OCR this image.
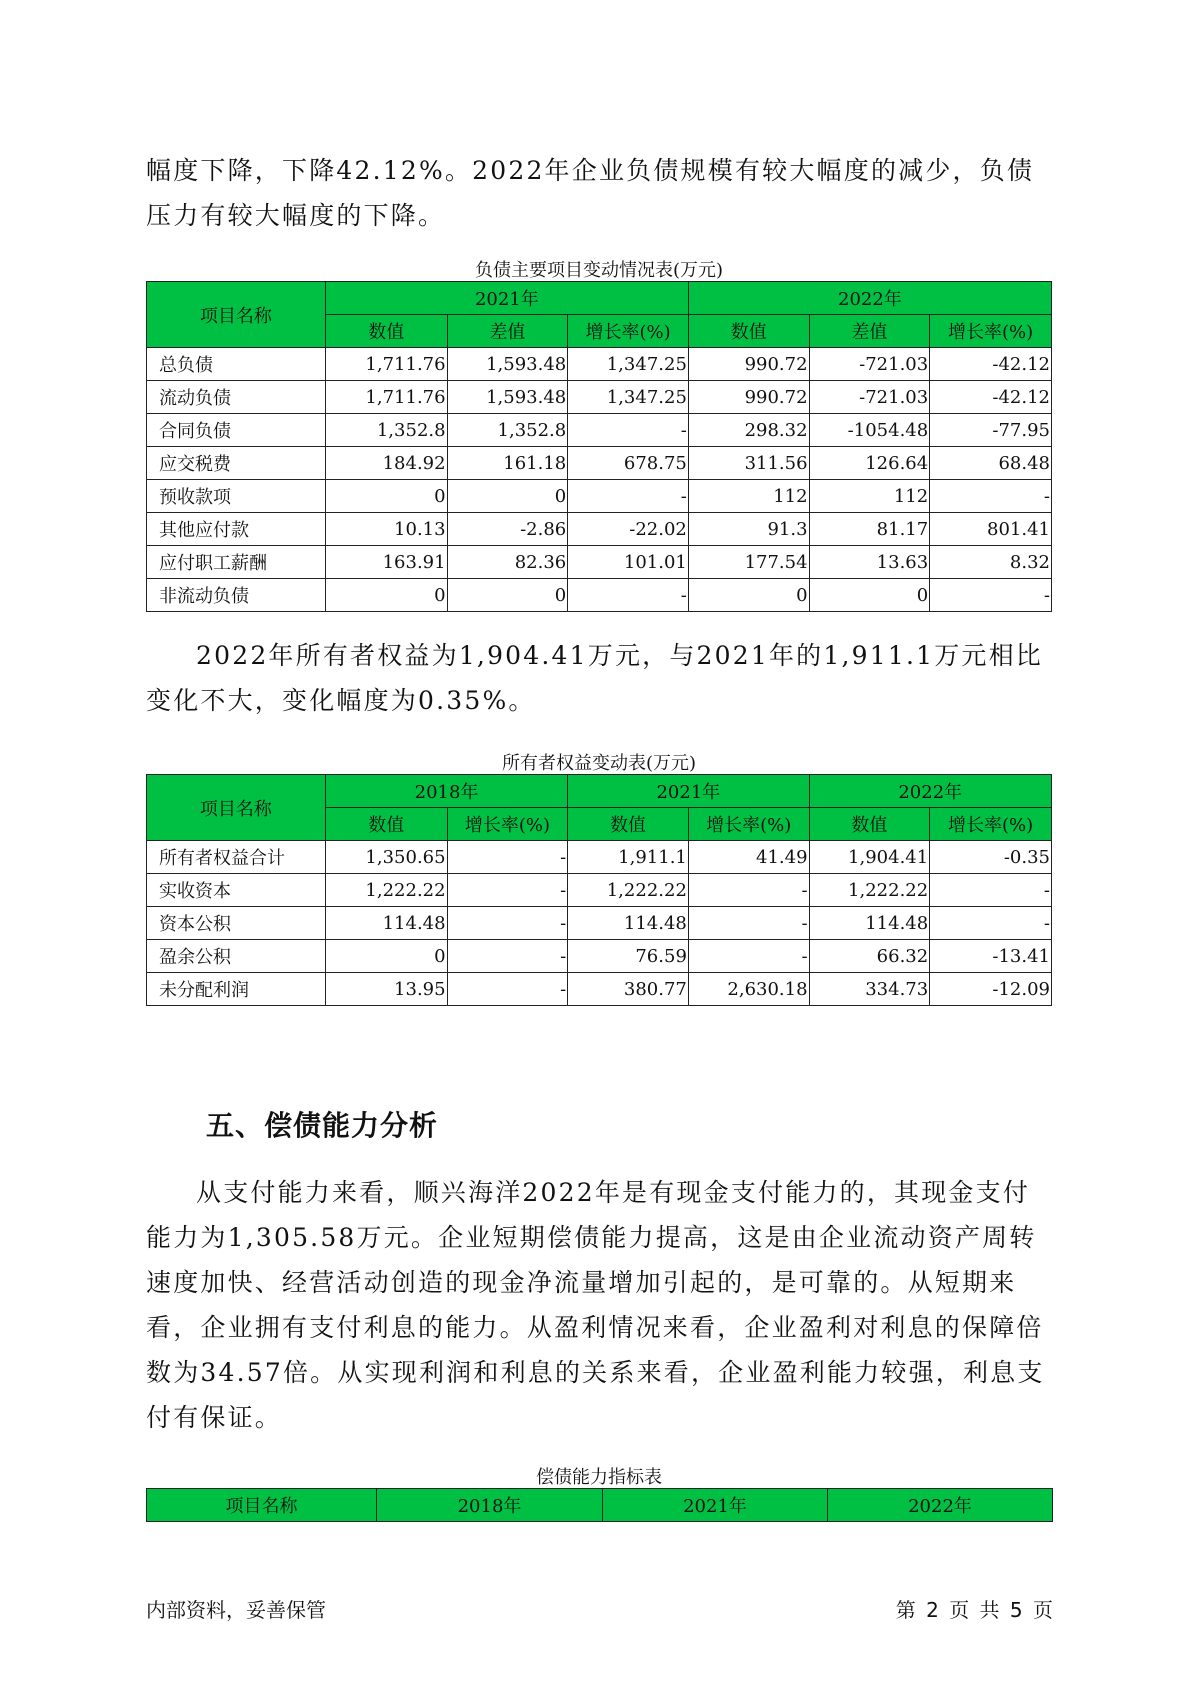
幅度下降，下降42.12%。2022年企业负债规模有较大幅度的减少，负债压力有较大幅度的下降。

负债主要项目变动情况表(万元)

项目名称	2021年			2022年		
	数值	差值	增长率(%)	数值	差值	增长率(%)
总负债	1,711.76	1,593.48	1,347.25	990.72	-721.03	-42.12
流动负债	1,711.76	1,593.48	1,347.25	990.72	-721.03	-42.12
合同负债	1,352.8	1,352.8	-	298.32	-1054.48	-77.95
应交税费	184.92	161.18	678.75	311.56	126.64	68.48
预收款项	0	0	-	112	112	-
其他应付款	10.13	-2.86	-22.02	91.3	81.17	801.41
应付职工薪酬	163.91	82.36	101.01	177.54	13.63	8.32
非流动负债	0	0	-	0	0	-

2022年所有者权益为1,904.41万元，与2021年的1,911.1万元相比变化不大，变化幅度为0.35%。

所有者权益变动表(万元)

项目名称	2018年		2021年		2022年	
	数值	增长率(%)	数值	增长率(%)	数值	增长率(%)
所有者权益合计	1,350.65	-	1,911.1	41.49	1,904.41	-0.35
实收资本	1,222.22	-	1,222.22	-	1,222.22	-
资本公积	114.48	-	114.48	-	114.48	-
盈余公积	0	-	76.59	-	66.32	-13.41
未分配利润	13.95	-	380.77	2,630.18	334.73	-12.09
五、偿债能力分析

从支付能力来看，顺兴海洋2022年是有现金支付能力的，其现金支付能力为1,305.58万元。企业短期偿债能力提高，这是由企业流动资产周转速度加快、经营活动创造的现金净流量增加引起的，是可靠的。从短期来看，企业拥有支付利息的能力。从盈利情况来看，企业盈利对利息的保障倍数为34.57倍。从实现利润和利息的关系来看，企业盈利能力较强，利息支付有保证。

偿债能力指标表

项目名称	2018年	2021年	2022年
内部资料，妥善保管	第 2 页 共 5 页
